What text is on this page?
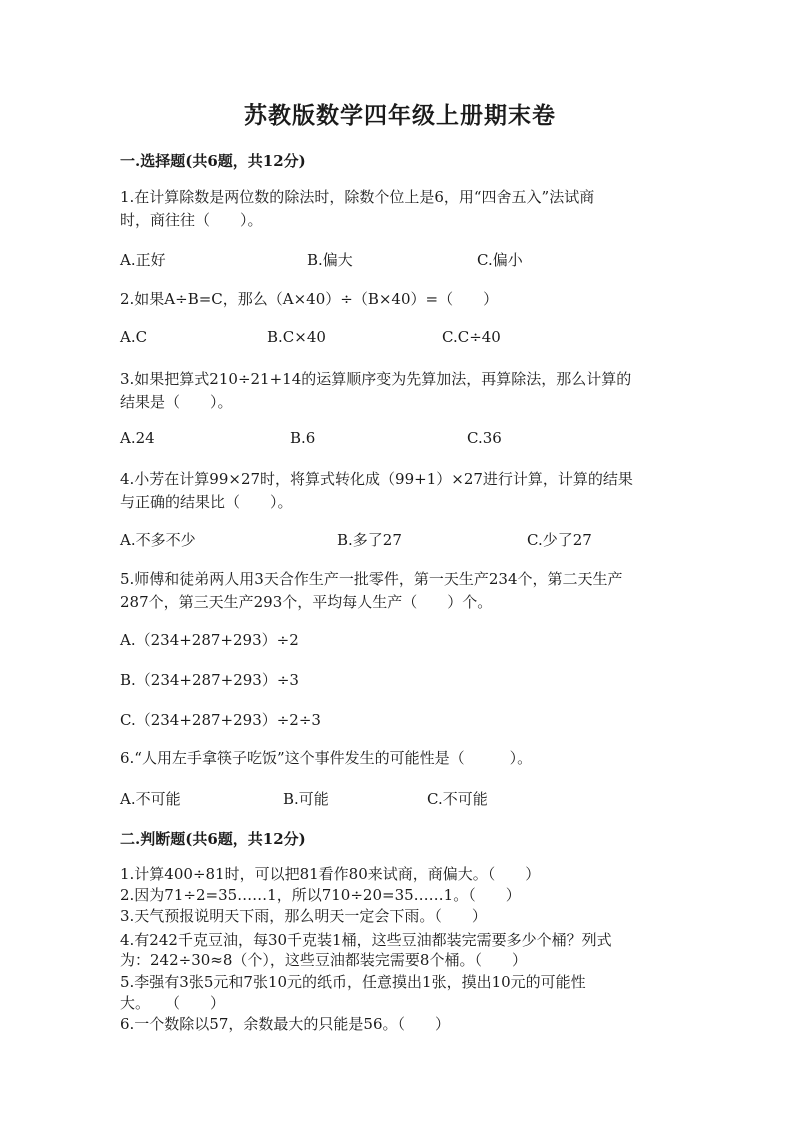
苏教版数学四年级上册期末卷
一.选择题(共6题，共12分)
1.在计算除数是两位数的除法时，除数个位上是6，用“四舍五入”法试商
时，商往往（　　）。
A.正好	B.偏大	C.偏小
2.如果A÷B=C，那么（A×40）÷（B×40）=（　　）
A.C	B.C×40	C.C÷40
3.如果把算式210÷21+14的运算顺序变为先算加法，再算除法，那么计算的
结果是（　　）。
A.24	B.6	C.36
4.小芳在计算99×27时，将算式转化成（99+1）×27进行计算，计算的结果
与正确的结果比（　　）。
A.不多不少	B.多了27	C.少了27
5.师傅和徒弟两人用3天合作生产一批零件，第一天生产234个，第二天生产
287个，第三天生产293个，平均每人生产（　　）个。
A.（234+287+293）÷2
B.（234+287+293）÷3
C.（234+287+293）÷2÷3
6.“人用左手拿筷子吃饭”这个事件发生的可能性是（　　　）。
A.不可能	B.可能	C.不可能
二.判断题(共6题，共12分)
1.计算400÷81时，可以把81看作80来试商，商偏大。（　　）
2.因为71÷2=35……1，所以710÷20=35……1。（　　）
3.天气预报说明天下雨，那么明天一定会下雨。（　　）
4.有242千克豆油，每30千克装1桶，这些豆油都装完需要多少个桶？列式
为：242÷30≈8（个），这些豆油都装完需要8个桶。（　　）
5.李强有3张5元和7张10元的纸币，任意摸出1张，摸出10元的可能性
大。　　（　　）
6.一个数除以57，余数最大的只能是56。（　　）
